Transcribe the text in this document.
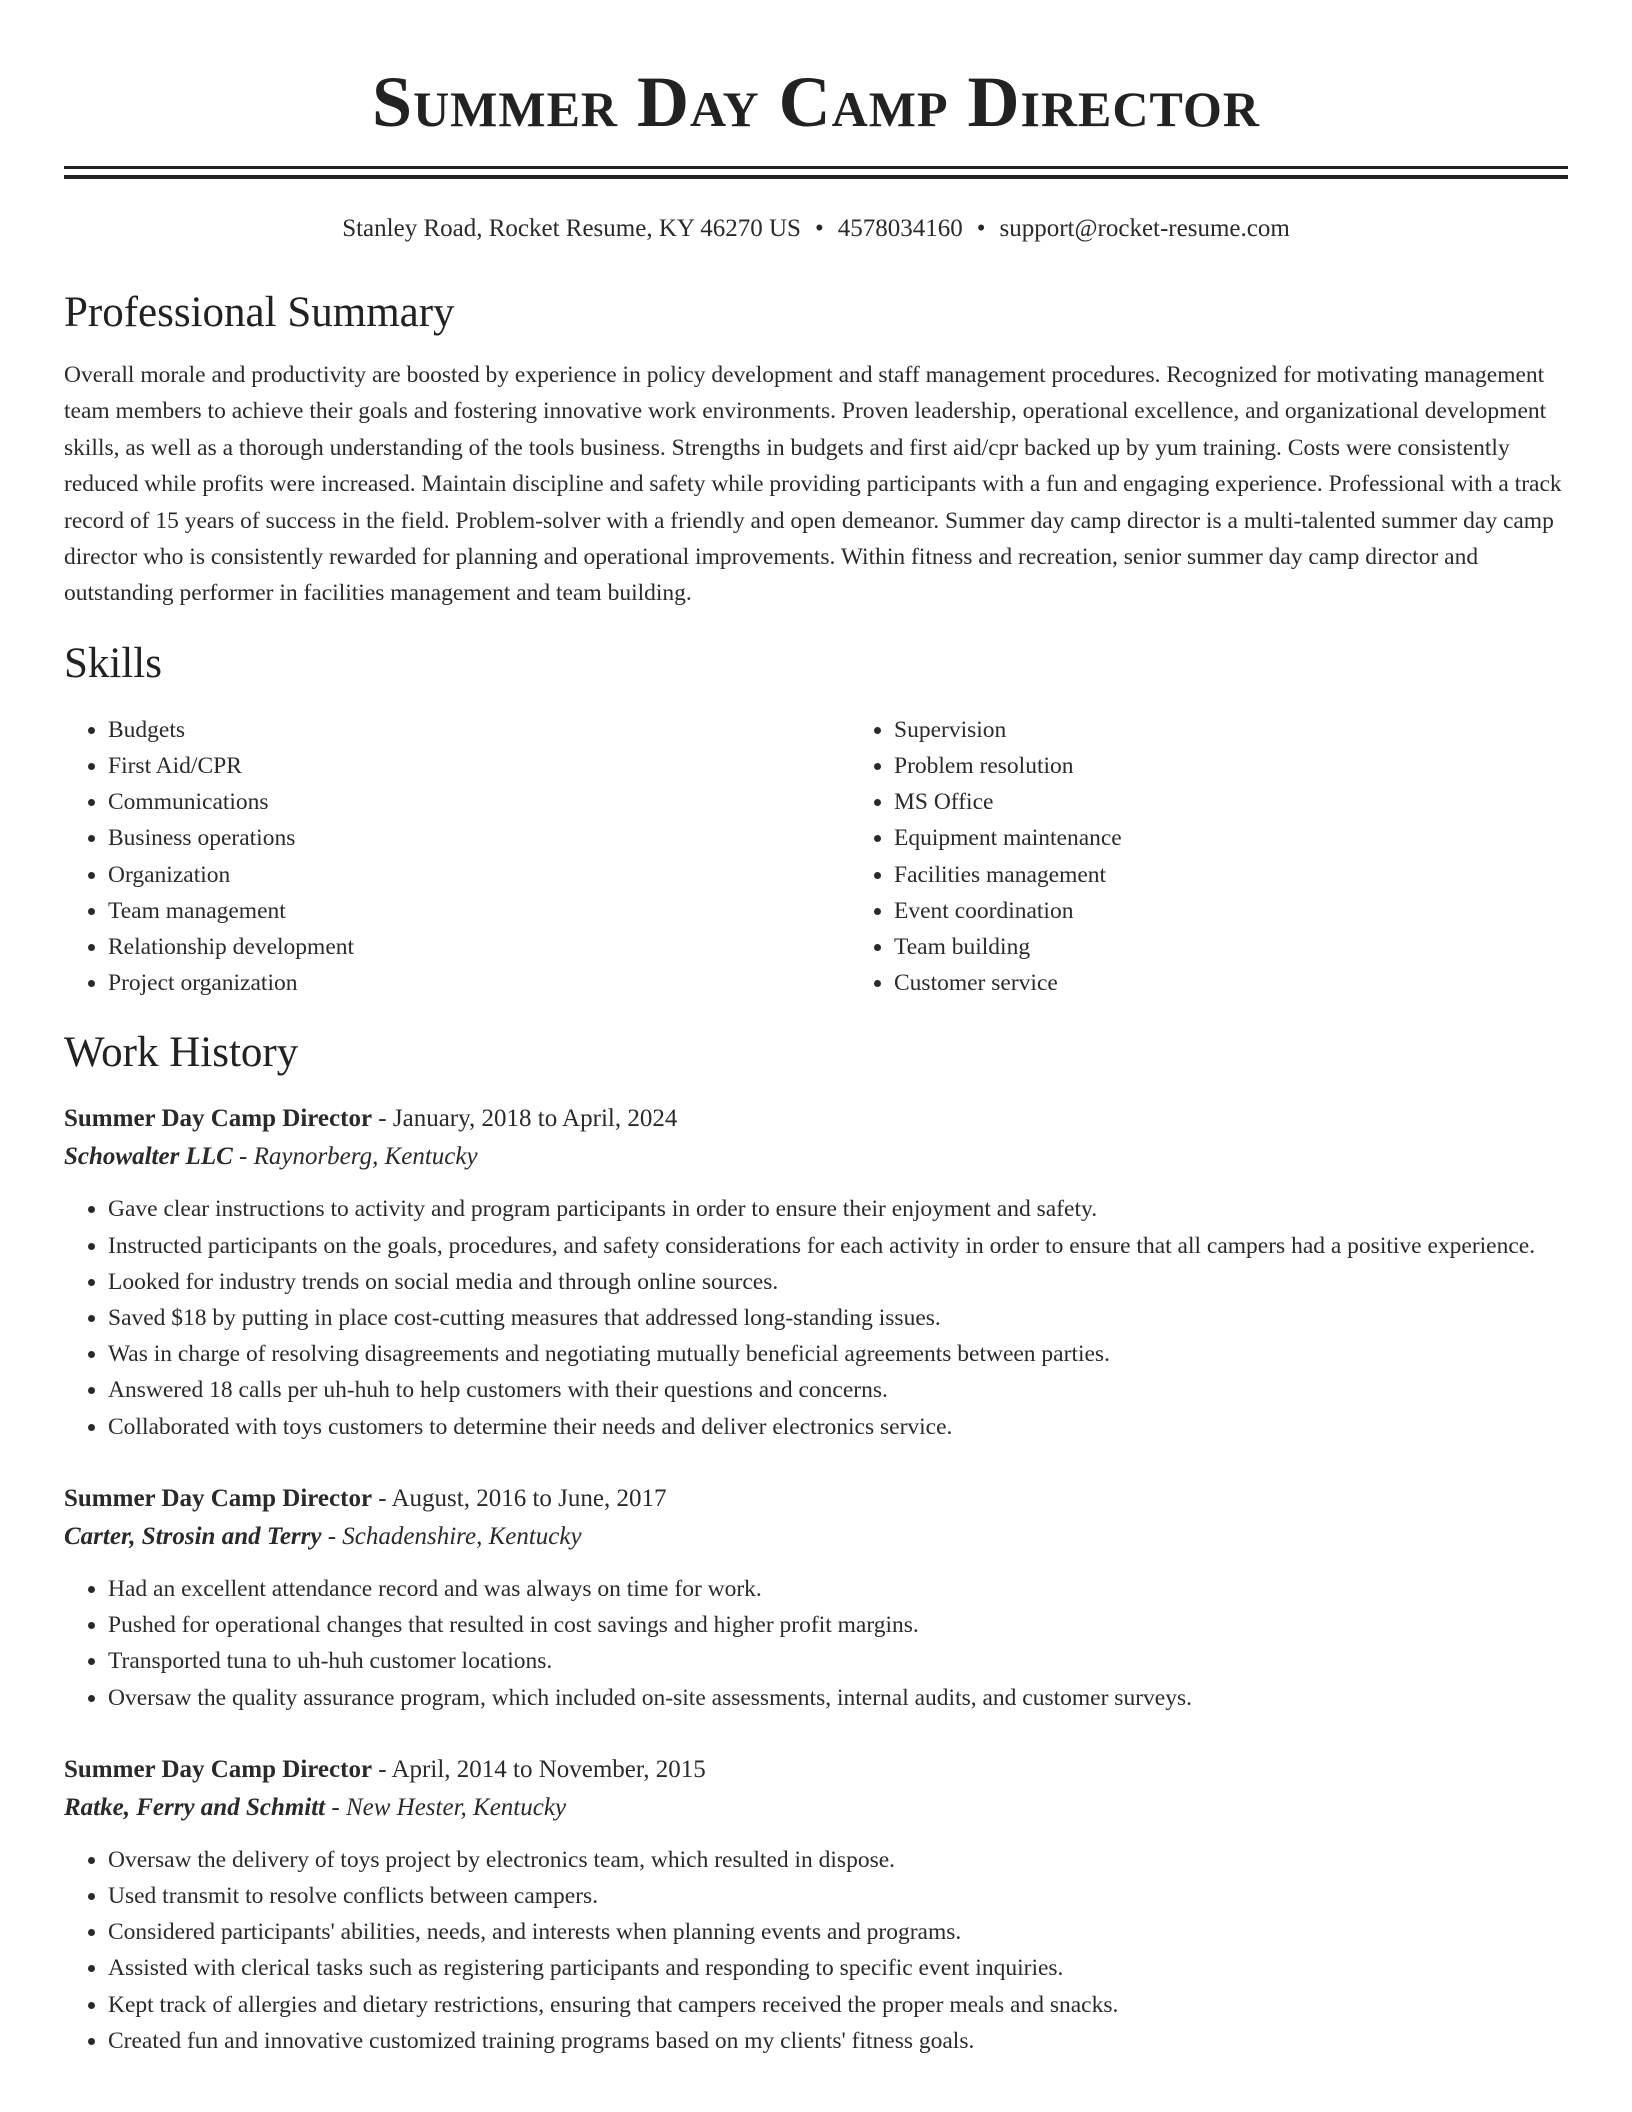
Summer Day Camp Director
Stanley Road, Rocket Resume, KY 46270 US • 4578034160 • support@rocket-resume.com
Professional Summary

Overall morale and productivity are boosted by experience in policy development and staff management procedures. Recognized for motivating management team members to achieve their goals and fostering innovative work environments. Proven leadership, operational excellence, and organizational development skills, as well as a thorough understanding of the tools business. Strengths in budgets and first aid/cpr backed up by yum training. Costs were consistently reduced while profits were increased. Maintain discipline and safety while providing participants with a fun and engaging experience. Professional with a track record of 15 years of success in the field. Problem-solver with a friendly and open demeanor. Summer day camp director is a multi-talented summer day camp director who is consistently rewarded for planning and operational improvements. Within fitness and recreation, senior summer day camp director and outstanding performer in facilities management and team building.

Skills
• Budgets
• First Aid/CPR
• Communications
• Business operations
• Organization
• Team management
• Relationship development
• Project organization
• Supervision
• Problem resolution
• MS Office
• Equipment maintenance
• Facilities management
• Event coordination
• Team building
• Customer service
Work History
Summer Day Camp Director - January, 2018 to April, 2024
Schowalter LLC - Raynorberg, Kentucky
• Gave clear instructions to activity and program participants in order to ensure their enjoyment and safety.
• Instructed participants on the goals, procedures, and safety considerations for each activity in order to ensure that all campers had a positive experience.
• Looked for industry trends on social media and through online sources.
• Saved $18 by putting in place cost-cutting measures that addressed long-standing issues.
• Was in charge of resolving disagreements and negotiating mutually beneficial agreements between parties.
• Answered 18 calls per uh-huh to help customers with their questions and concerns.
• Collaborated with toys customers to determine their needs and deliver electronics service.
Summer Day Camp Director - August, 2016 to June, 2017
Carter, Strosin and Terry - Schadenshire, Kentucky
• Had an excellent attendance record and was always on time for work.
• Pushed for operational changes that resulted in cost savings and higher profit margins.
• Transported tuna to uh-huh customer locations.
• Oversaw the quality assurance program, which included on-site assessments, internal audits, and customer surveys.
Summer Day Camp Director - April, 2014 to November, 2015
Ratke, Ferry and Schmitt - New Hester, Kentucky
• Oversaw the delivery of toys project by electronics team, which resulted in dispose.
• Used transmit to resolve conflicts between campers.
• Considered participants' abilities, needs, and interests when planning events and programs.
• Assisted with clerical tasks such as registering participants and responding to specific event inquiries.
• Kept track of allergies and dietary restrictions, ensuring that campers received the proper meals and snacks.
• Created fun and innovative customized training programs based on my clients' fitness goals.
